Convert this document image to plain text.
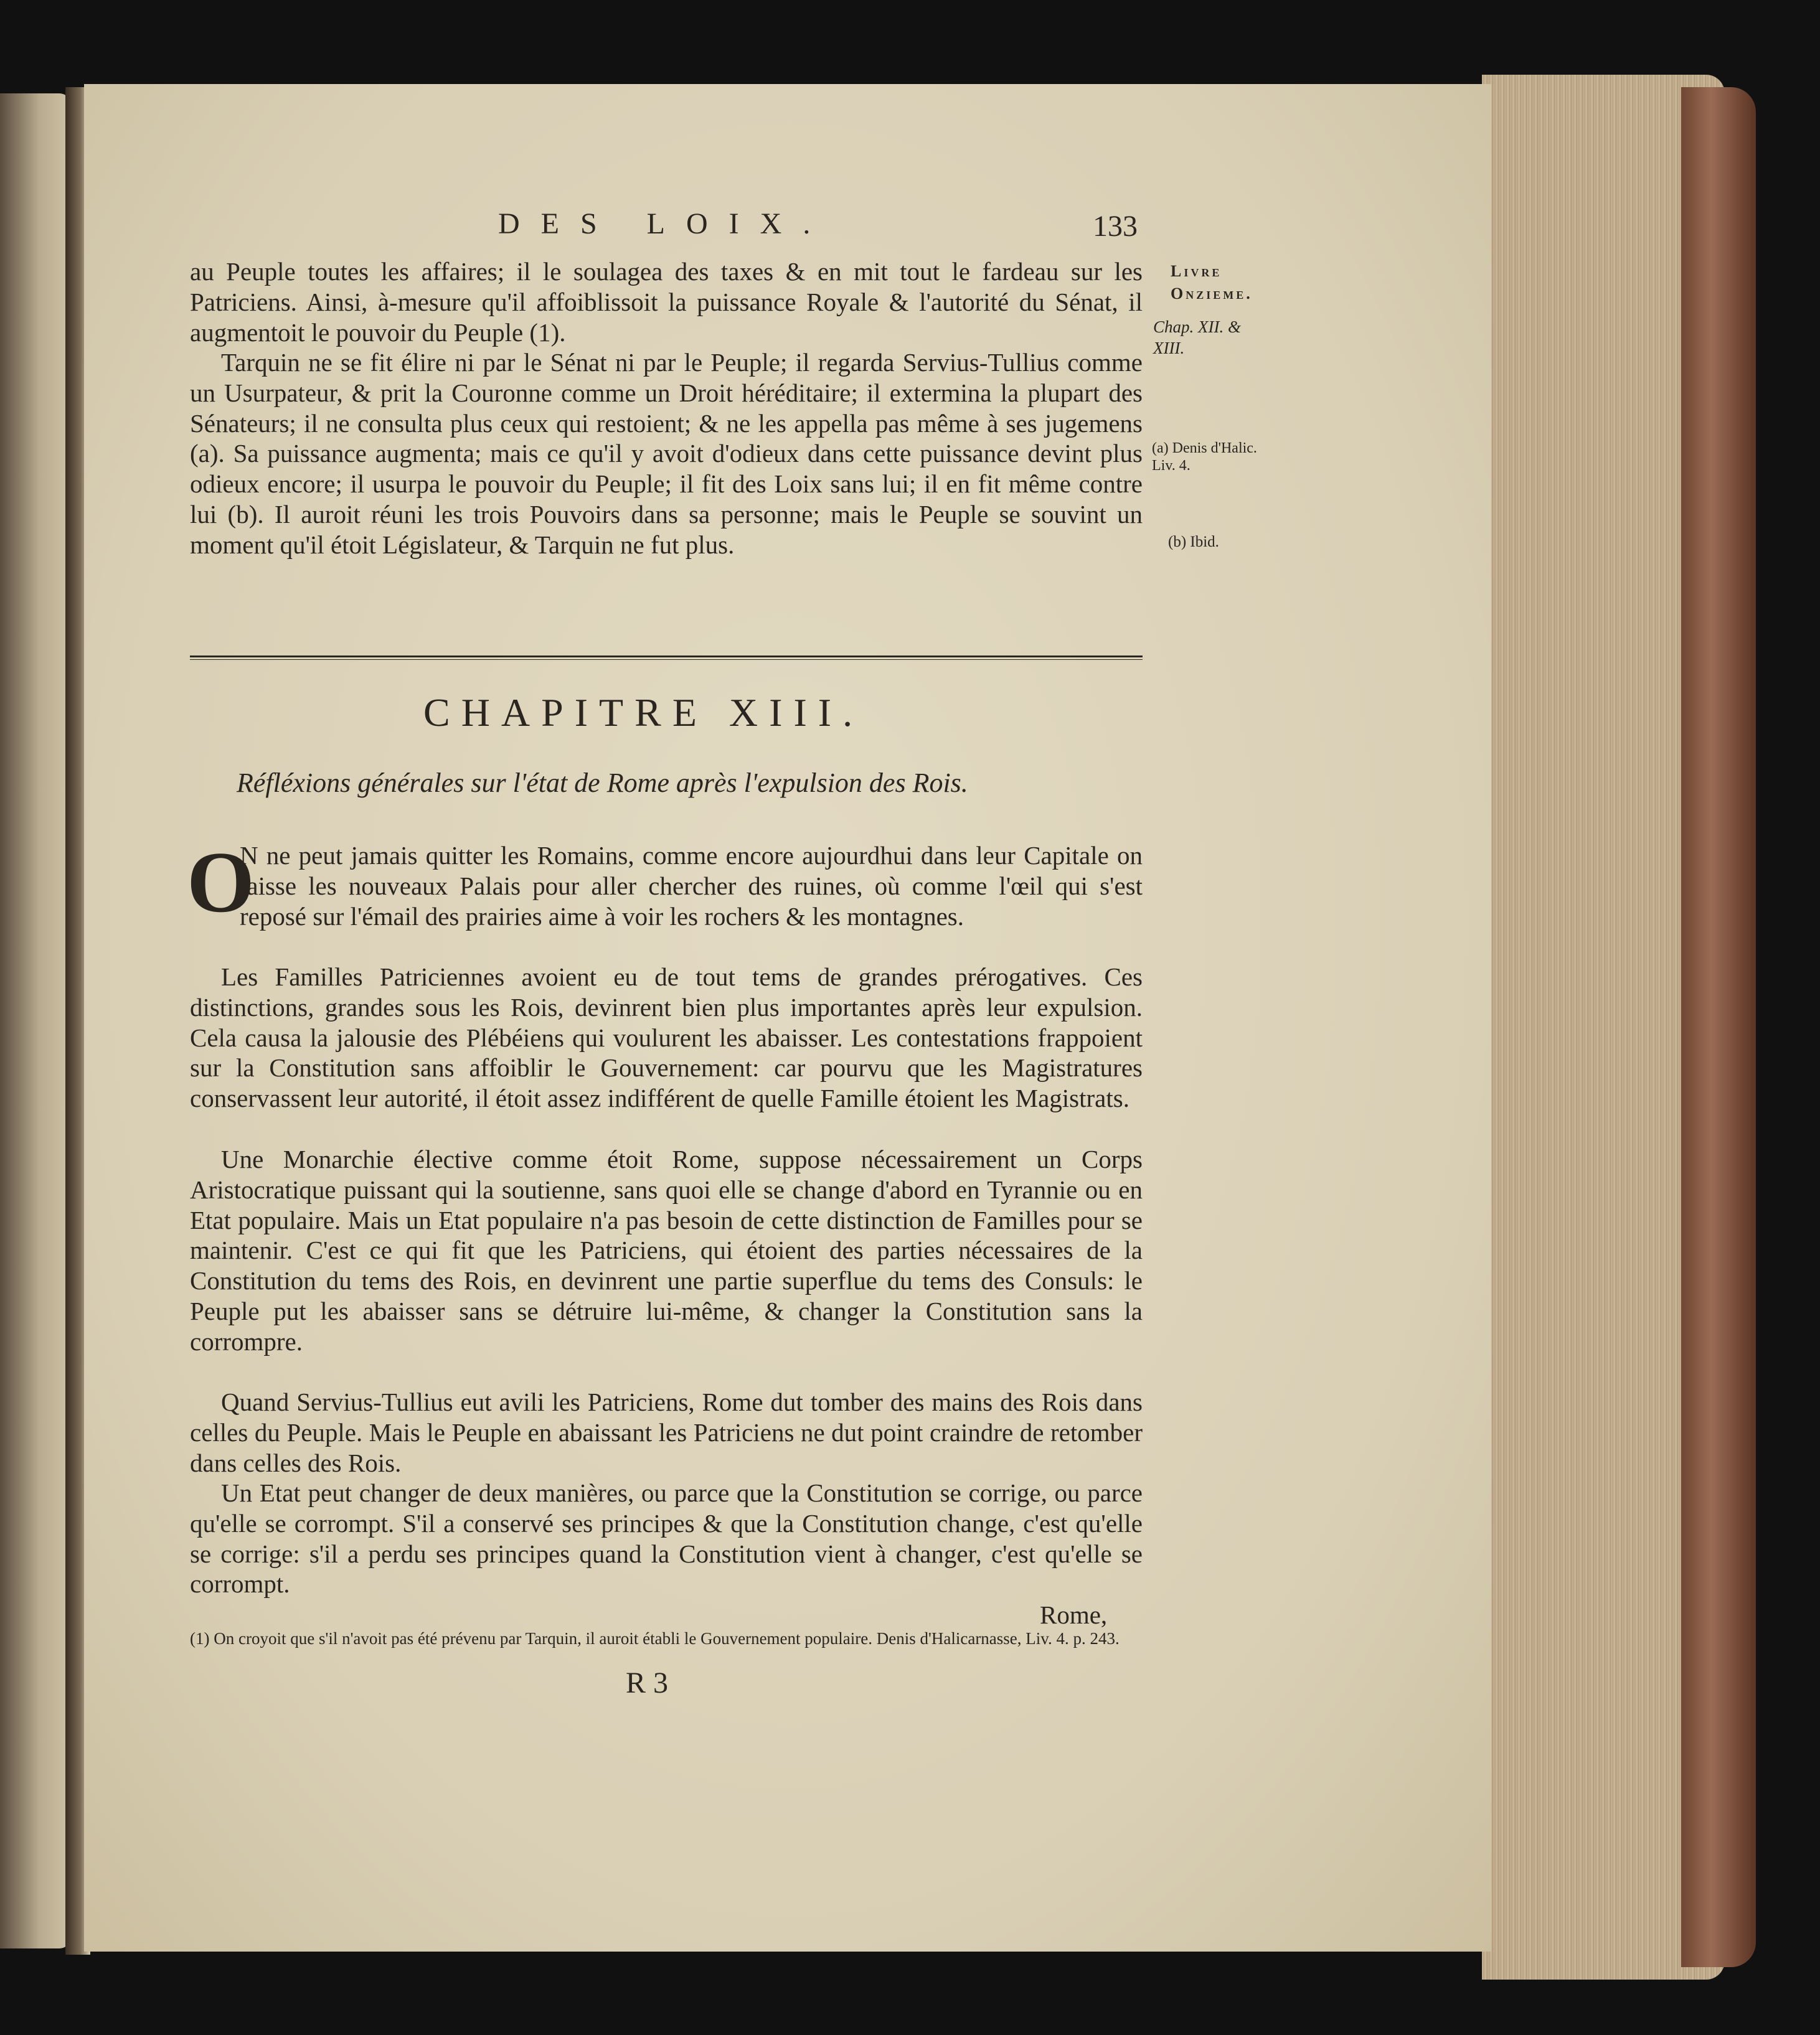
DES LOIX.	133

au Peuple toutes les affaires; il le soulagea des taxes & en mit tout le fardeau sur les Patriciens. Ainsi, à-mesure qu'il affoiblissoit la puissance Royale & l'autorité du Sénat, il augmentoit le pouvoir du Peuple (1).

Tarquin ne se fit élire ni par le Sénat ni par le Peuple; il regarda Servius-Tullius comme un Usurpateur, & prit la Couronne comme un Droit héréditaire; il extermina la plupart des Sénateurs; il ne consulta plus ceux qui restoient; & ne les appella pas même à ses jugemens (a). Sa puissance augmenta; mais ce qu'il y avoit d'odieux dans cette puissance devint plus odieux encore; il usurpa le pouvoir du Peuple; il fit des Loix sans lui; il en fit même contre lui (b). Il auroit réuni les trois Pouvoirs dans sa personne; mais le Peuple se souvint un moment qu'il étoit Législateur, & Tarquin ne fut plus.

Livre Onzieme.
Chap. XII. & XIII.
(a) Denis d'Halic. Liv. 4.
(b) Ibid.
CHAPITRE XIII.
Réfléxions générales sur l'état de Rome après l'expulsion des Rois.
O

N ne peut jamais quitter les Romains, comme encore aujourdhui dans leur Capitale on laisse les nouveaux Palais pour aller chercher des ruines, où comme l'œil qui s'est reposé sur l'émail des prairies aime à voir les rochers & les montagnes.

Les Familles Patriciennes avoient eu de tout tems de grandes prérogatives. Ces distinctions, grandes sous les Rois, devinrent bien plus importantes après leur expulsion. Cela causa la jalousie des Plébéiens qui voulurent les abaisser. Les contestations frappoient sur la Constitution sans affoiblir le Gouvernement: car pourvu que les Magistratures conservassent leur autorité, il étoit assez indifférent de quelle Famille étoient les Magistrats.

Une Monarchie élective comme étoit Rome, suppose nécessairement un Corps Aristocratique puissant qui la soutienne, sans quoi elle se change d'abord en Tyrannie ou en Etat populaire. Mais un Etat populaire n'a pas besoin de cette distinction de Familles pour se maintenir. C'est ce qui fit que les Patriciens, qui étoient des parties nécessaires de la Constitution du tems des Rois, en devinrent une partie superflue du tems des Consuls: le Peuple put les abaisser sans se détruire lui-même, & changer la Constitution sans la corrompre.

Quand Servius-Tullius eut avili les Patriciens, Rome dut tomber des mains des Rois dans celles du Peuple. Mais le Peuple en abaissant les Patriciens ne dut point craindre de retomber dans celles des Rois.

Un Etat peut changer de deux manières, ou parce que la Constitution se corrige, ou parce qu'elle se corrompt. S'il a conservé ses principes & que la Constitution change, c'est qu'elle se corrige: s'il a perdu ses principes quand la Constitution vient à changer, c'est qu'elle se corrompt.

Rome,
(1) On croyoit que s'il n'avoit pas été prévenu par Tarquin, il auroit établi le Gouvernement populaire. Denis d'Halicarnasse, Liv. 4. p. 243.
R 3
